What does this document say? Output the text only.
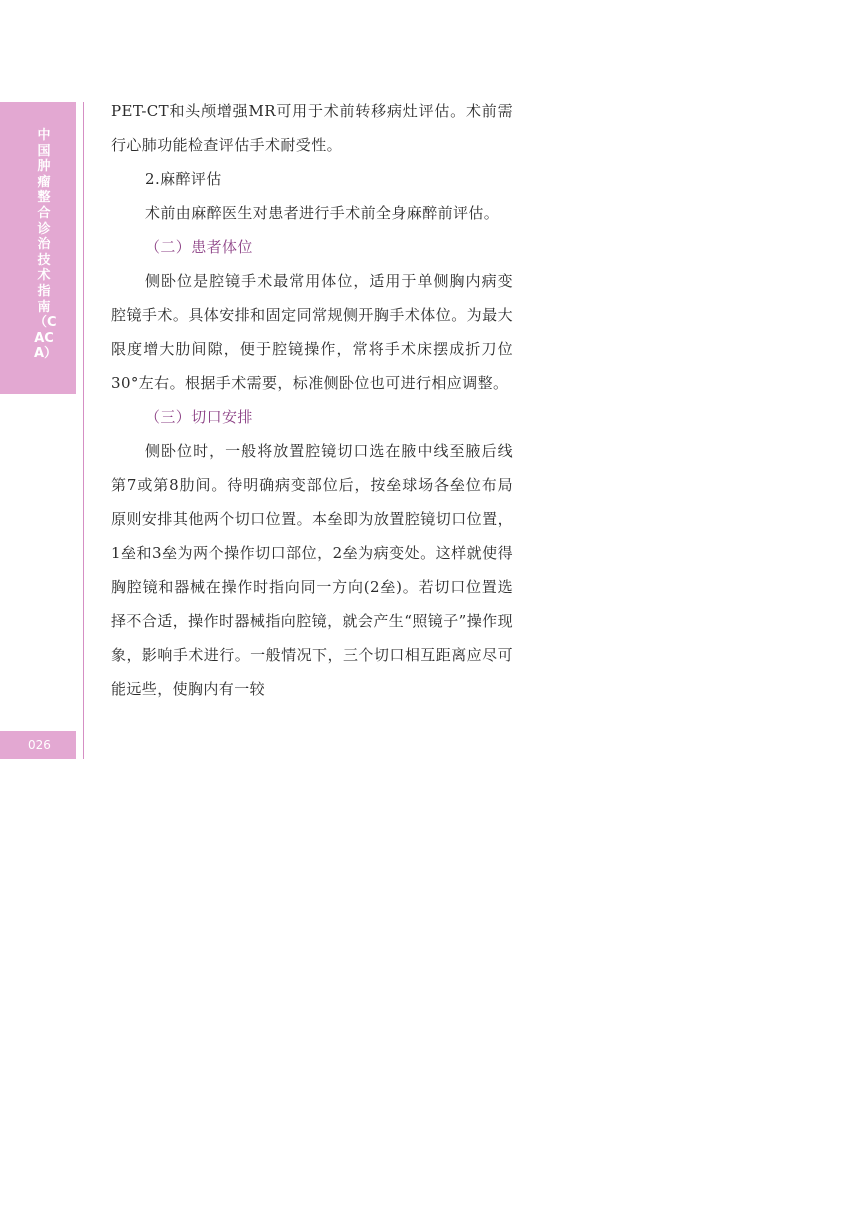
中国肿瘤整合诊治技术指南（CACA）
026

PET-CT和头颅增强MR可用于术前转移病灶评估。术前需行心肺功能检查评估手术耐受性。

2.麻醉评估

术前由麻醉医生对患者进行手术前全身麻醉前评估。

（二）患者体位

侧卧位是腔镜手术最常用体位，适用于单侧胸内病变腔镜手术。具体安排和固定同常规侧开胸手术体位。为最大限度增大肋间隙，便于腔镜操作，常将手术床摆成折刀位30°左右。根据手术需要，标准侧卧位也可进行相应调整。

（三）切口安排

侧卧位时，一般将放置腔镜切口选在腋中线至腋后线第7或第8肋间。待明确病变部位后，按垒球场各垒位布局原则安排其他两个切口位置。本垒即为放置腔镜切口位置，1垒和3垒为两个操作切口部位，2垒为病变处。这样就使得胸腔镜和器械在操作时指向同一方向(2垒)。若切口位置选择不合适，操作时器械指向腔镜，就会产生“照镜子”操作现象，影响手术进行。一般情况下，三个切口相互距离应尽可能远些，使胸内有一较
